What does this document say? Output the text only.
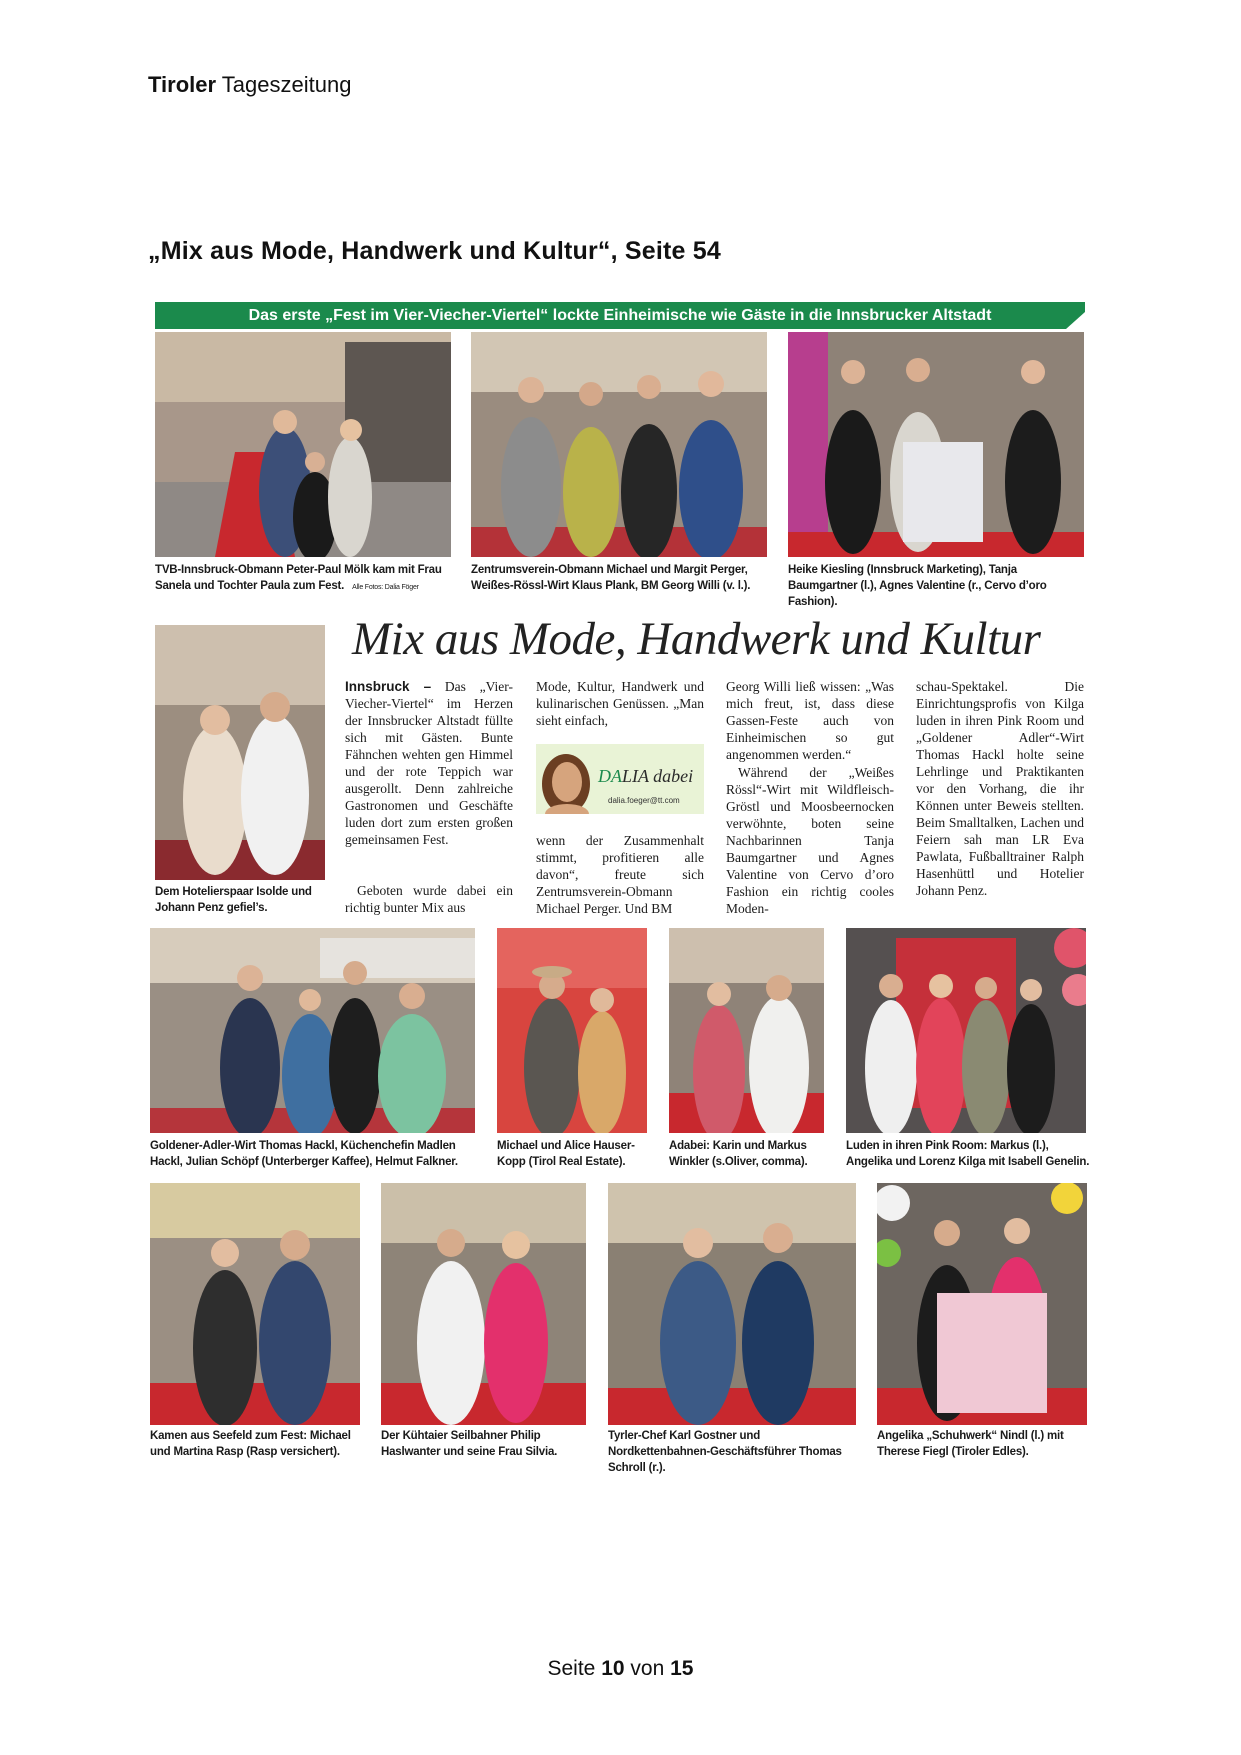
Tiroler Tageszeitung
„Mix aus Mode, Handwerk und Kultur“, Seite 54
Das erste „Fest im Vier-Viecher-Viertel“ lockte Einheimische wie Gäste in die Innsbrucker Altstadt
TVB-Innsbruck-Obmann Peter-Paul Mölk kam mit Frau Sanela und Tochter Paula zum Fest. Alle Fotos: Dalia Föger
Zentrumsverein-Obmann Michael und Margit Perger, Weißes-Rössl-Wirt Klaus Plank, BM Georg Willi (v. l.).
Heike Kiesling (Innsbruck Marketing), Tanja Baumgartner (l.), Agnes Valentine (r., Cervo d’oro Fashion).
Mix aus Mode, Handwerk und Kultur
Dem Hotelierspaar Isolde und Johann Penz gefiel’s.
Innsbruck – Das „Vier-Viecher-Viertel“ im Herzen der Innsbrucker Altstadt füllte sich mit Gästen. Bunte Fähnchen wehten gen Himmel und der rote Teppich war ausgerollt. Denn zahlreiche Gastronomen und Geschäfte luden dort zum ersten großen gemeinsamen Fest.
Geboten wurde dabei ein richtig bunter Mix aus
Mode, Kultur, Handwerk und kulinarischen Genüssen. „Man sieht einfach,
DALIA dabei
dalia.foeger@tt.com
wenn der Zusammenhalt stimmt, profitieren alle davon“, freute sich Zentrumsverein-Obmann Michael Perger. Und BM
Georg Willi ließ wissen: „Was mich freut, ist, dass diese Gassen-Feste auch von Einheimischen so gut angenommen werden.“
Während der „Weißes Rössl“-Wirt mit Wildfleisch-Gröstl und Moosbeernocken verwöhnte, boten seine Nachbarinnen Tanja Baumgartner und Agnes Valentine von Cervo d’oro Fashion ein richtig cooles Moden-
schau-Spektakel. Die Einrichtungsprofis von Kilga luden in ihren Pink Room und „Goldener Adler“-Wirt Thomas Hackl holte seine Lehrlinge und Praktikanten vor den Vorhang, die ihr Können unter Beweis stellten. Beim Smalltalken, Lachen und Feiern sah man LR Eva Pawlata, Fußballtrainer Ralph Hasenhüttl und Hotelier Johann Penz.
Goldener-Adler-Wirt Thomas Hackl, Küchenchefin Madlen Hackl, Julian Schöpf (Unterberger Kaffee), Helmut Falkner.
Michael und Alice Hauser-Kopp (Tirol Real Estate).
Adabei: Karin und Markus Winkler (s.Oliver, comma).
Luden in ihren Pink Room: Markus (l.), Angelika und Lorenz Kilga mit Isabell Genelin.
Kamen aus Seefeld zum Fest: Michael und Martina Rasp (Rasp versichert).
Der Kühtaier Seilbahner Philip Haslwanter und seine Frau Silvia.
Tyrler-Chef Karl Gostner und Nordkettenbahnen-Geschäftsführer Thomas Schroll (r.).
Angelika „Schuhwerk“ Nindl (l.) mit Therese Fiegl (Tiroler Edles).
Seite 10 von 15
